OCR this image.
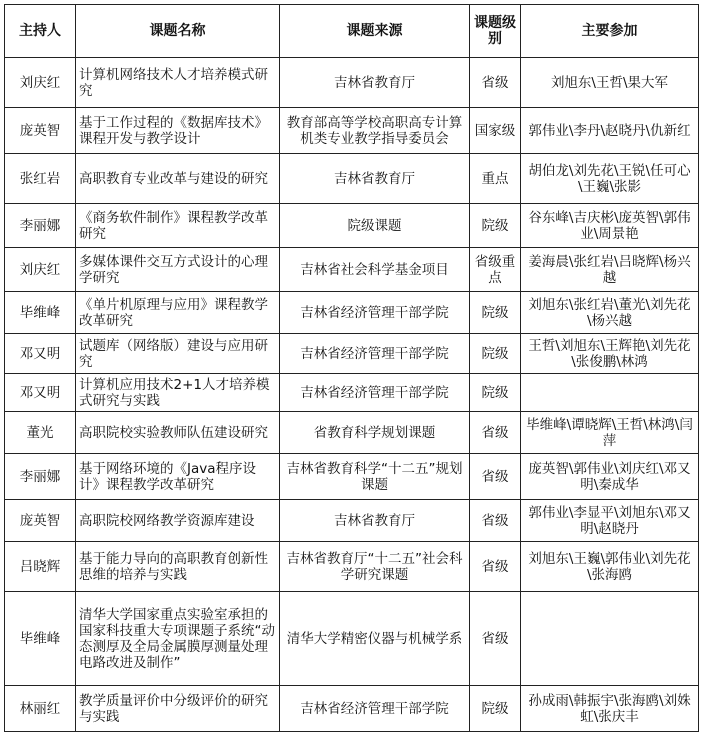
主持人	课题名称	课题来源	课题级别	主要参加
刘庆红	计算机网络技术人才培养模式研究	吉林省教育厅	省级	刘旭东\王哲\果大军
庞英智	基于工作过程的《数据库技术》课程开发与教学设计	教育部高等学校高职高专计算机类专业教学指导委员会	国家级	郭伟业\李丹\赵晓丹\仇新红
张红岩	高职教育专业改革与建设的研究	吉林省教育厅	重点	胡伯龙\刘先花\王锐\任可心\王巍\张影
李丽娜	《商务软件制作》课程教学改革研究	院级课题	院级	谷东峰\吉庆彬\庞英智\郭伟业\周景艳
刘庆红	多媒体课件交互方式设计的心理学研究	吉林省社会科学基金项目	省级重点	姜海晨\张红岩\吕晓辉\杨兴越
毕维峰	《单片机原理与应用》课程教学改革研究	吉林省经济管理干部学院	院级	刘旭东\张红岩\董光\刘先花\杨兴越
邓又明	试题库（网络版）建设与应用研究	吉林省经济管理干部学院	院级	王哲\刘旭东\王辉艳\刘先花\张俊鹏\林鸿
邓又明	计算机应用技术2+1人才培养模式研究与实践	吉林省经济管理干部学院	院级	
董光	高职院校实验教师队伍建设研究	省教育科学规划课题	省级	毕维峰\谭晓辉\王哲\林鸿\闫萍
李丽娜	基于网络环境的《Java程序设计》课程教学改革研究	吉林省教育科学“十二五”规划课题	省级	庞英智\郭伟业\刘庆红\邓又明\秦成华
庞英智	高职院校网络教学资源库建设	吉林省教育厅	省级	郭伟业\李显平\刘旭东\邓又明\赵晓丹
吕晓辉	基于能力导向的高职教育创新性思维的培养与实践	吉林省教育厅“十二五”社会科学研究课题	省级	刘旭东\王巍\郭伟业\刘先花\张海鸥
毕维峰	清华大学国家重点实验室承担的国家科技重大专项课题子系统“动态测厚及全局金属膜厚测量处理电路改进及制作”	清华大学精密仪器与机械学系	省级	
林丽红	教学质量评价中分级评价的研究与实践	吉林省经济管理干部学院	院级	孙成雨\韩振宇\张海鸥\刘姝虹\张庆丰
